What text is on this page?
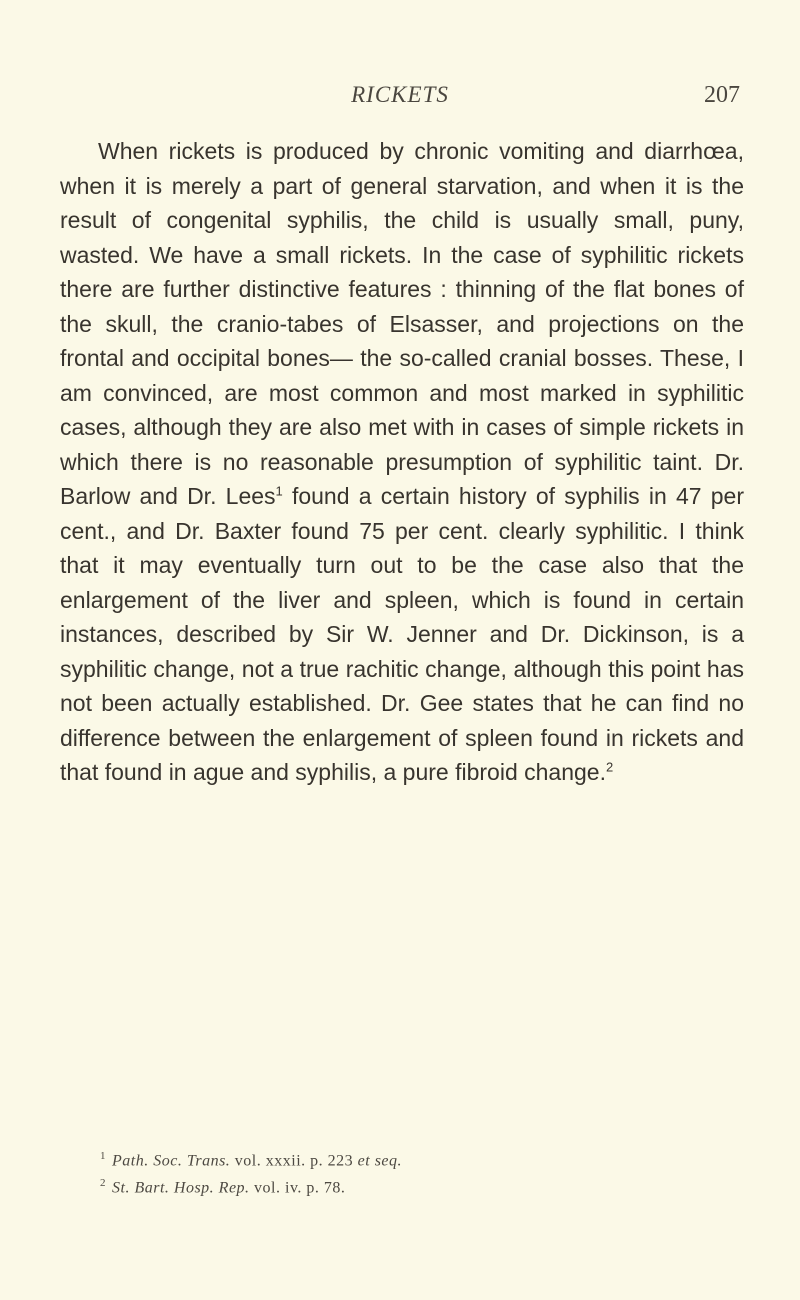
RICKETS	207

When rickets is produced by chronic vomiting and diarrhœa, when it is merely a part of general starvation, and when it is the result of congenital syphilis, the child is usually small, puny, wasted. We have a small rickets. In the case of syphilitic rickets there are further distinctive features : thinning of the flat bones of the skull, the cranio-tabes of Elsasser, and projections on the frontal and occipital bones— the so-called cranial bosses. These, I am convinced, are most common and most marked in syphilitic cases, although they are also met with in cases of simple rickets in which there is no reasonable presumption of syphilitic taint. Dr. Barlow and Dr. Lees$^1$ found a certain history of syphilis in 47 per cent., and Dr. Baxter found 75 per cent. clearly syphilitic. I think that it may eventually turn out to be the case also that the enlargement of the liver and spleen, which is found in certain instances, described by Sir W. Jenner and Dr. Dickinson, is a syphilitic change, not a true rachitic change, although this point has not been actually established. Dr. Gee states that he can find no difference between the enlargement of spleen found in rickets and that found in ague and syphilis, a pure fibroid change.$^2$

$^1$ Path. Soc. Trans. vol. xxxii. p. 223 et seq.
$^2$ St. Bart. Hosp. Rep. vol. iv. p. 78.
